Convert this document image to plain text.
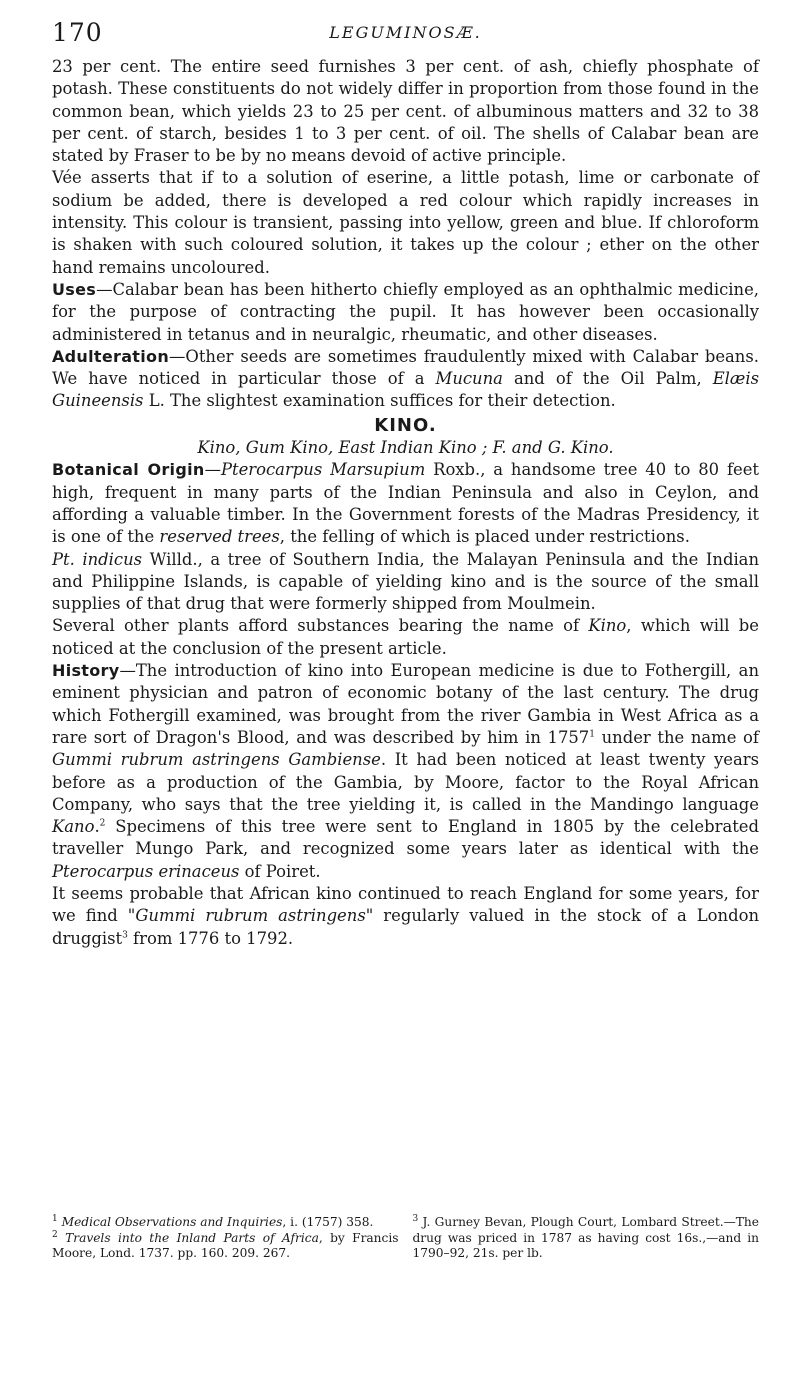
170	LEGUMINOSÆ.

23 per cent. The entire seed furnishes 3 per cent. of ash, chiefly phosphate of potash. These constituents do not widely differ in proportion from those found in the common bean, which yields 23 to 25 per cent. of albuminous matters and 32 to 38 per cent. of starch, besides 1 to 3 per cent. of oil. The shells of Calabar bean are stated by Fraser to be by no means devoid of active principle.

Vée asserts that if to a solution of eserine, a little potash, lime or carbonate of sodium be added, there is developed a red colour which rapidly increases in intensity. This colour is transient, passing into yellow, green and blue. If chloroform is shaken with such coloured solution, it takes up the colour ; ether on the other hand remains uncoloured.

Uses—Calabar bean has been hitherto chiefly employed as an ophthalmic medicine, for the purpose of contracting the pupil. It has however been occasionally administered in tetanus and in neuralgic, rheumatic, and other diseases.

Adulteration—Other seeds are sometimes fraudulently mixed with Calabar beans. We have noticed in particular those of a Mucuna and of the Oil Palm, Elæis Guineensis L. The slightest examination suffices for their detection.

KINO.

Kino, Gum Kino, East Indian Kino ; F. and G. Kino.

Botanical Origin—Pterocarpus Marsupium Roxb., a handsome tree 40 to 80 feet high, frequent in many parts of the Indian Peninsula and also in Ceylon, and affording a valuable timber. In the Government forests of the Madras Presidency, it is one of the reserved trees, the felling of which is placed under restrictions.

Pt. indicus Willd., a tree of Southern India, the Malayan Peninsula and the Indian and Philippine Islands, is capable of yielding kino and is the source of the small supplies of that drug that were formerly shipped from Moulmein.

Several other plants afford substances bearing the name of Kino, which will be noticed at the conclusion of the present article.

History—The introduction of kino into European medicine is due to Fothergill, an eminent physician and patron of economic botany of the last century. The drug which Fothergill examined, was brought from the river Gambia in West Africa as a rare sort of Dragon's Blood, and was described by him in 1757$^1$ under the name of Gummi rubrum astringens Gambiense. It had been noticed at least twenty years before as a production of the Gambia, by Moore, factor to the Royal African Company, who says that the tree yielding it, is called in the Mandingo language Kano.$^2$ Specimens of this tree were sent to England in 1805 by the celebrated traveller Mungo Park, and recognized some years later as identical with the Pterocarpus erinaceus of Poiret.

It seems probable that African kino continued to reach England for some years, for we find "Gummi rubrum astringens" regularly valued in the stock of a London druggist$^3$ from 1776 to 1792.

$^1$ Medical Observations and Inquiries, i. (1757) 358.

$^2$ Travels into the Inland Parts of Africa, by Francis Moore, Lond. 1737. pp. 160. 209. 267.

$^3$ J. Gurney Bevan, Plough Court, Lombard Street.—The drug was priced in 1787 as having cost 16s.,—and in 1790–92, 21s. per lb.
